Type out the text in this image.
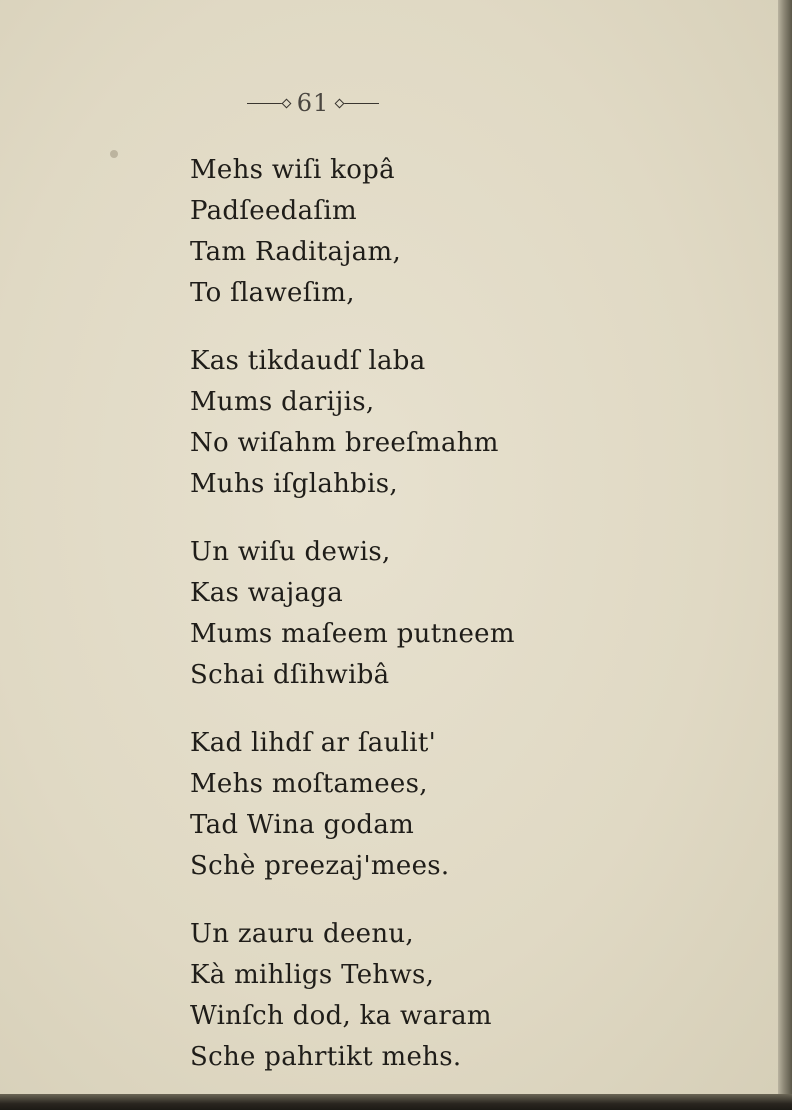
61
Mehs wiſi kopâ
Padſeedaſim
Tam Raditajam,
To ſlaweſim,
Kas tikdaudſ laba
Mums darijis,
No wiſahm breeſmahm
Muhs iſglahbis,
Un wiſu dewis,
Kas wajaga
Mums maſeem putneem
Schai dſihwibâ
Kad lihdſ ar ſaulit'
Mehs moſtamees,
Tad Wina godam
Schè preezaj'mees.
Un zauru deenu,
Kà mihligs Tehws,
Winſch dod, ka waram
Sche pahrtikt mehs.
